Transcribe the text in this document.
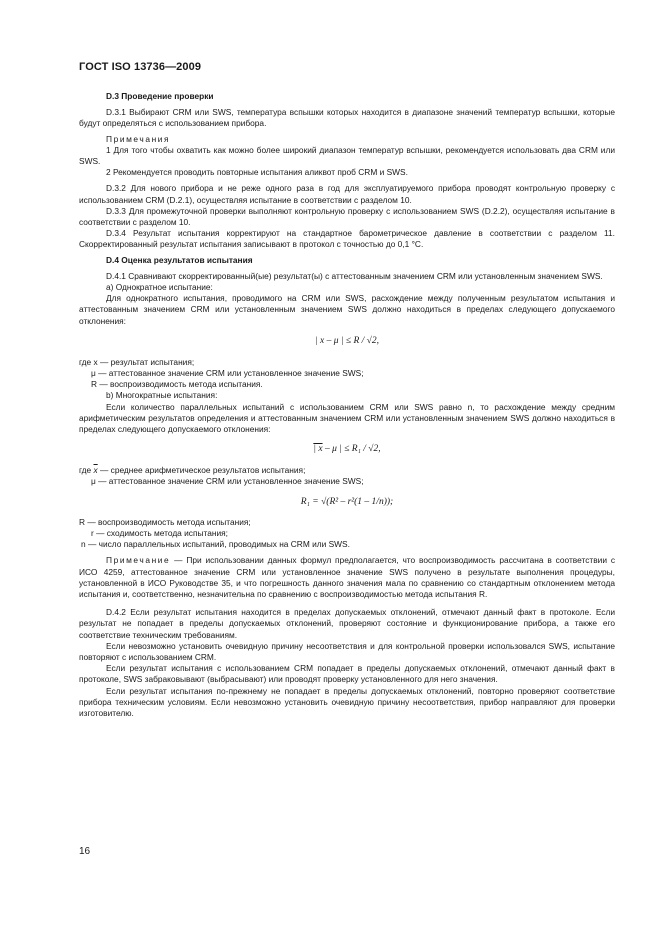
ГОСТ ISO 13736—2009

D.3 Проведение проверки

D.3.1 Выбирают CRM или SWS, температура вспышки которых находится в диапазоне значений температур вспышки, которые будут определяться с использованием прибора.

Примечания

1 Для того чтобы охватить как можно более широкий диапазон температур вспышки, рекомендуется использовать два CRM или SWS.

2 Рекомендуется проводить повторные испытания аликвот проб CRM и SWS.

D.3.2 Для нового прибора и не реже одного раза в год для эксплуатируемого прибора проводят контрольную проверку с использованием CRM (D.2.1), осуществляя испытание в соответствии с разделом 10.

D.3.3 Для промежуточной проверки выполняют контрольную проверку с использованием SWS (D.2.2), осуществляя испытание в соответствии с разделом 10.

D.3.4 Результат испытания корректируют на стандартное барометрическое давление в соответствии с разделом 11. Скорректированный результат испытания записывают в протокол с точностью до 0,1 °С.

D.4 Оценка результатов испытания

D.4.1 Сравнивают скорректированный(ые) результат(ы) с аттестованным значением CRM или установленным значением SWS.

а) Однократное испытание:

Для однократного испытания, проводимого на CRM или SWS, расхождение между полученным результатом испытания и аттестованным значением CRM или установленным значением SWS должно находиться в пределах следующего допускаемого отклонения:

| x – μ | ≤ R / √2,

где x — результат испытания;

μ — аттестованное значение CRM или установленное значение SWS;

R — воспроизводимость метода испытания.

b) Многократные испытания:

Если количество параллельных испытаний с использованием CRM или SWS равно n, то расхождение между средним арифметическим результатов определения и аттестованным значением CRM или установленным значением SWS должно находиться в пределах следующего допускаемого отклонения:

| x – μ | ≤ R₁ / √2,

где $\overline{x}$ — среднее арифметическое результатов испытания;

μ — аттестованное значение CRM или установленное значение SWS;

R₁ = √(R² – r²(1 – 1/n));

R — воспроизводимость метода испытания;

r — сходимость метода испытания;

n — число параллельных испытаний, проводимых на CRM или SWS.

Примечание — При использовании данных формул предполагается, что воспроизводимость рассчитана в соответствии с ИСО 4259, аттестованное значение CRM или установленное значение SWS получено в результате выполнения процедуры, установленной в ИСО Руководстве 35, и что погрешность данного значения мала по сравнению со стандартным отклонением метода испытания и, соответственно, незначительна по сравнению с воспроизводимостью метода испытания R.

D.4.2 Если результат испытания находится в пределах допускаемых отклонений, отмечают данный факт в протоколе. Если результат не попадает в пределы допускаемых отклонений, проверяют состояние и функционирование прибора, а также его соответствие техническим требованиям.

Если невозможно установить очевидную причину несоответствия и для контрольной проверки использовался SWS, испытание повторяют с использованием CRM.

Если результат испытания с использованием CRM попадает в пределы допускаемых отклонений, отмечают данный факт в протоколе, SWS забраковывают (выбрасывают) или проводят проверку установленного для него значения.

Если результат испытания по-прежнему не попадает в пределы допускаемых отклонений, повторно проверяют соответствие прибора техническим условиям. Если невозможно установить очевидную причину несоответствия, прибор направляют для проверки изготовителю.

16
